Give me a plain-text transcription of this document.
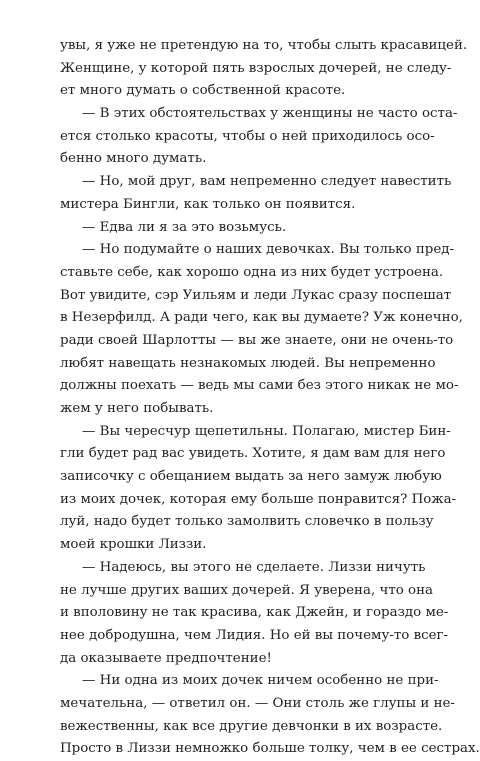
увы, я уже не претендую на то, чтобы слыть красавицей.
Женщине, у которой пять взрослых дочерей, не следу-
ет много думать о собственной красоте.
— В этих обстоятельствах у женщины не часто оста-
ется столько красоты, чтобы о ней приходилось осо-
бенно много думать.
— Но, мой друг, вам непременно следует навестить
мистера Бингли, как только он появится.
— Едва ли я за это возьмусь.
— Но подумайте о наших девочках. Вы только пред-
ставьте себе, как хорошо одна из них будет устроена.
Вот увидите, сэр Уильям и леди Лукас сразу поспешат
в Незерфилд. А ради чего, как вы думаете? Уж конечно,
ради своей Шарлотты — вы же знаете, они не очень-то
любят навещать незнакомых людей. Вы непременно
должны поехать — ведь мы сами без этого никак не мо-
жем у него побывать.
— Вы чересчур щепетильны. Полагаю, мистер Бин-
гли будет рад вас увидеть. Хотите, я дам вам для него
записочку с обещанием выдать за него замуж любую
из моих дочек, которая ему больше понравится? Пожа-
луй, надо будет только замолвить словечко в пользу
моей крошки Лиззи.
— Надеюсь, вы этого не сделаете. Лиззи ничуть
не лучше других ваших дочерей. Я уверена, что она
и вполовину не так красива, как Джейн, и гораздо ме-
нее добродушна, чем Лидия. Но ей вы почему-то всег-
да оказываете предпочтение!
— Ни одна из моих дочек ничем особенно не при-
мечательна, — ответил он. — Они столь же глупы и не-
вежественны, как все другие девчонки в их возрасте.
Просто в Лиззи немножко больше толку, чем в ее сестрах.
